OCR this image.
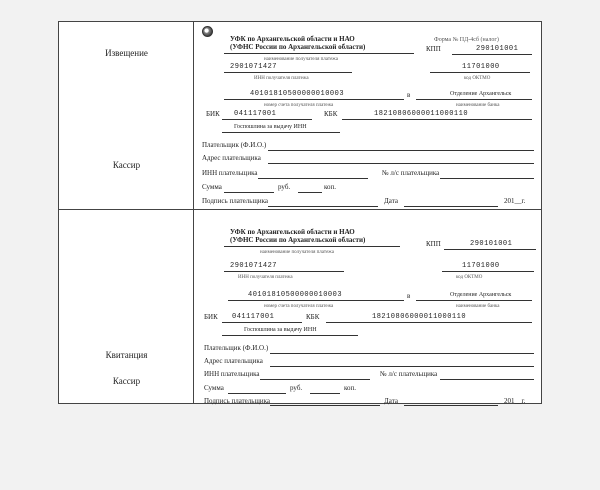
Извещение
Кассир
Квитанция
Кассир
Форма № ПД-4сб (налог)
УФК по Архангельской области и НАО
(УФНС России по Архангельской области)
наименование получателя платежа
КПП	290101001
2901071427
ИНН получателя платежа
11701000
код ОКТМО
40101810500000010003
номер счета получателя платежа
в	Отделение Архангельск
наименование банка
БИК 041117001	КБК	18210806000011000110
Госпошлина за выдачу ИНН
Плательщик (Ф.И.О.)
Адрес плательщика
ИНН плательщика	№ л/с плательщика
Сумма	руб.	коп.
Подпись плательщика	Дата	201__г.
УФК по Архангельской области и НАО
(УФНС России по Архангельской области)
наименование получателя платежа
КПП	290101001
2901071427
ИНН получателя платежа
11701000
код ОКТМО
40101810500000010003
номер счета получателя платежа
в	Отделение Архангельск
наименование банка
БИК 041117001	КБК	18210806000011000110
Госпошлина за выдачу ИНН
Плательщик (Ф.И.О.)
Адрес плательщика
ИНН плательщика	№ л/с плательщика
Сумма	руб.	коп.
Подпись плательщика	Дата	201__г.
